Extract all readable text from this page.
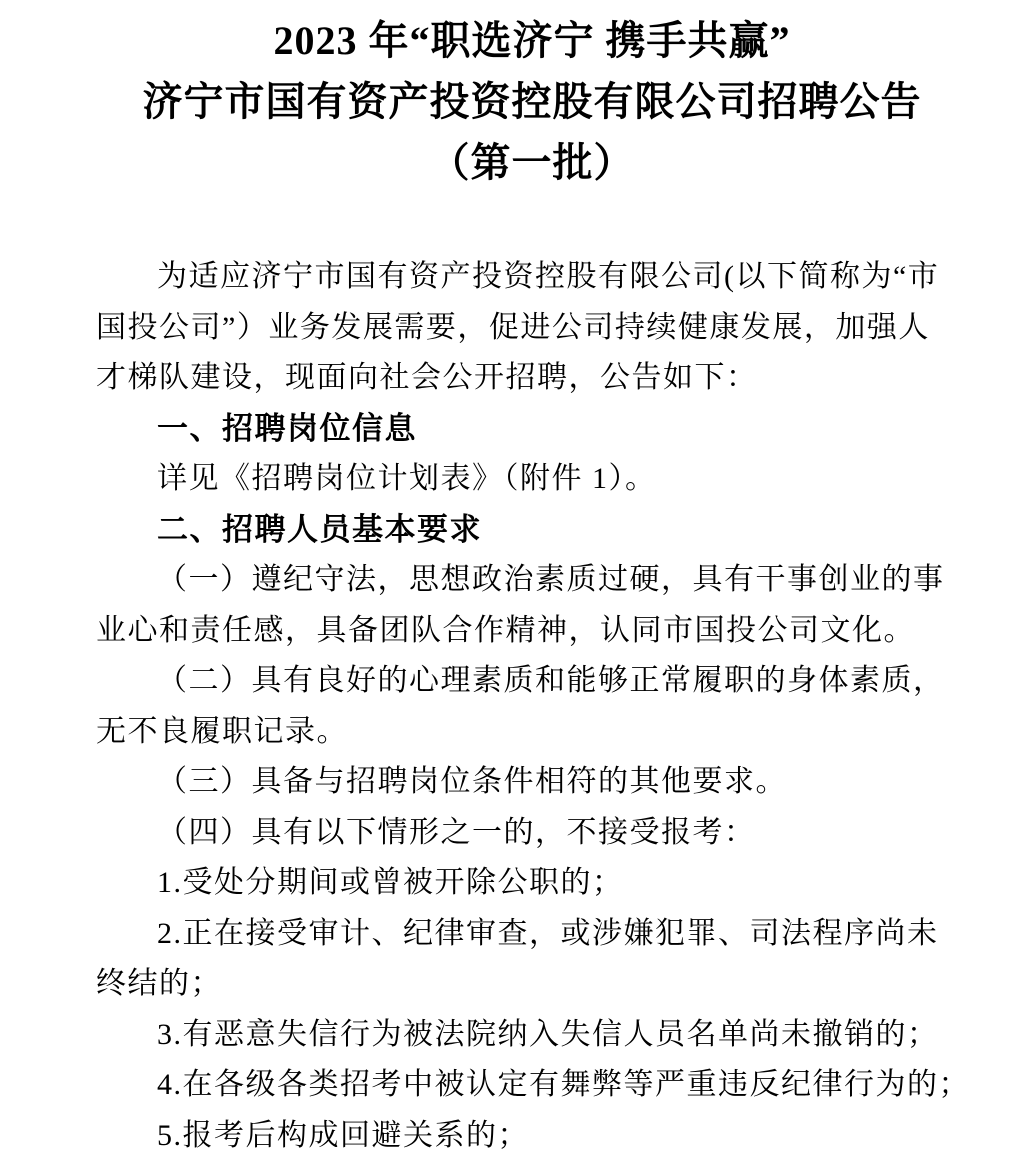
2023 年“职选济宁 携手共赢”
济宁市国有资产投资控股有限公司招聘公告
（第一批）
为适应济宁市国有资产投资控股有限公司(以下简称为“市
国投公司”）业务发展需要，促进公司持续健康发展，加强人
才梯队建设，现面向社会公开招聘，公告如下：
一、招聘岗位信息
详见《招聘岗位计划表》（附件 1）。
二、招聘人员基本要求
（一）遵纪守法，思想政治素质过硬，具有干事创业的事
业心和责任感，具备团队合作精神，认同市国投公司文化。
（二）具有良好的心理素质和能够正常履职的身体素质，
无不良履职记录。
（三）具备与招聘岗位条件相符的其他要求。
（四）具有以下情形之一的，不接受报考：
1.受处分期间或曾被开除公职的；
2.正在接受审计、纪律审查，或涉嫌犯罪、司法程序尚未
终结的；
3.有恶意失信行为被法院纳入失信人员名单尚未撤销的；
4.在各级各类招考中被认定有舞弊等严重违反纪律行为的；
5.报考后构成回避关系的；
